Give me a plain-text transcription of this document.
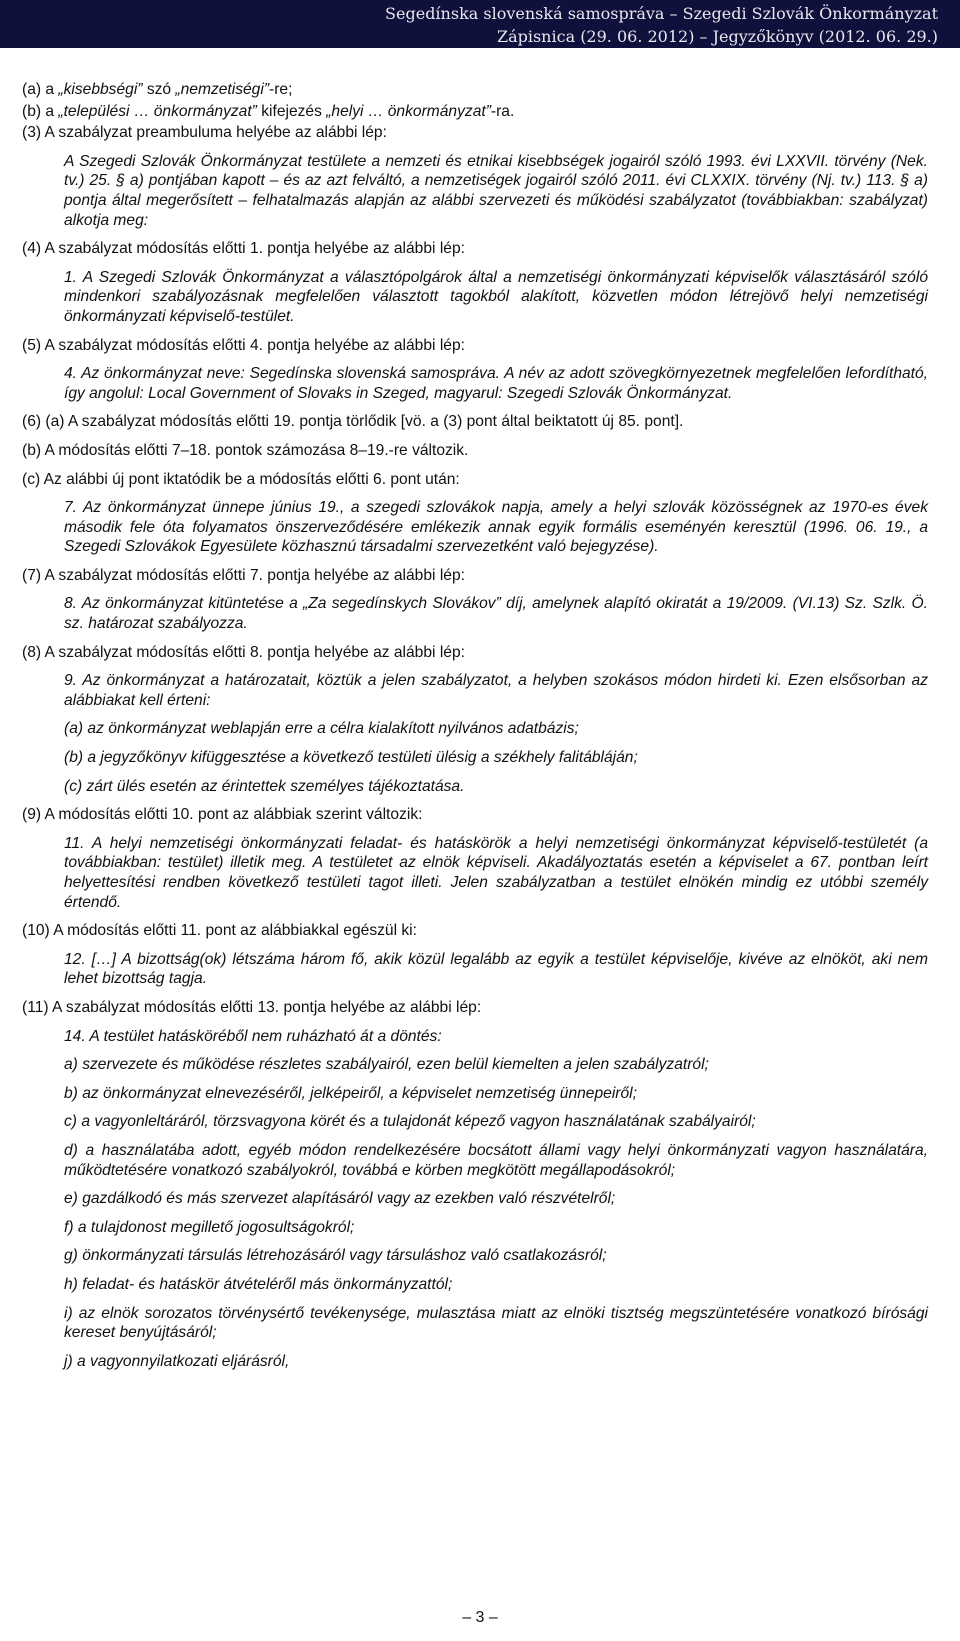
Segedínska slovenská samospráva – Szegedi Szlovák Önkormányzat
Zápisnica (29. 06. 2012) – Jegyzőkönyv (2012. 06. 29.)
(a) a „kisebbségi” szó „nemzetiségi”-re;
(b) a „települési … önkormányzat” kifejezés „helyi … önkormányzat”-ra.
(3) A szabályzat preambuluma helyébe az alábbi lép:
A Szegedi Szlovák Önkormányzat testülete a nemzeti és etnikai kisebbségek jogairól szóló 1993. évi LXXVII. törvény (Nek. tv.) 25. § a) pontjában kapott – és az azt felváltó, a nemzetiségek jogairól szóló 2011. évi CLXXIX. törvény (Nj. tv.) 113. § a) pontja által megerősített – felhatalmazás alapján az alábbi szervezeti és működési szabályzatot (továbbiakban: szabályzat) alkotja meg:
(4) A szabályzat módosítás előtti 1. pontja helyébe az alábbi lép:
1. A Szegedi Szlovák Önkormányzat a választópolgárok által a nemzetiségi önkormányzati képviselők választásáról szóló mindenkori szabályozásnak megfelelően választott tagokból alakított, közvetlen módon létrejövő helyi nemzetiségi önkormányzati képviselő-testület.
(5) A szabályzat módosítás előtti 4. pontja helyébe az alábbi lép:
4. Az önkormányzat neve: Segedínska slovenská samospráva. A név az adott szövegkörnyezetnek megfelelően lefordítható, így angolul: Local Government of Slovaks in Szeged, magyarul: Szegedi Szlovák Önkormányzat.
(6) (a) A szabályzat módosítás előtti 19. pontja törlődik [vö. a (3) pont által beiktatott új 85. pont].
(b) A módosítás előtti 7–18. pontok számozása 8–19.-re változik.
(c) Az alábbi új pont iktatódik be a módosítás előtti 6. pont után:
7. Az önkormányzat ünnepe június 19., a szegedi szlovákok napja, amely a helyi szlovák közösségnek az 1970-es évek második fele óta folyamatos önszerveződésére emlékezik annak egyik formális eseményén keresztül (1996. 06. 19., a Szegedi Szlovákok Egyesülete közhasznú társadalmi szervezetként való bejegyzése).
(7) A szabályzat módosítás előtti 7. pontja helyébe az alábbi lép:
8. Az önkormányzat kitüntetése a „Za segedínskych Slovákov” díj, amelynek alapító okiratát a 19/2009. (VI.13) Sz. Szlk. Ö. sz. határozat szabályozza.
(8) A szabályzat módosítás előtti 8. pontja helyébe az alábbi lép:
9. Az önkormányzat a határozatait, köztük a jelen szabályzatot, a helyben szokásos módon hirdeti ki. Ezen elsősorban az alábbiakat kell érteni:
(a) az önkormányzat weblapján erre a célra kialakított nyilvános adatbázis;
(b) a jegyzőkönyv kifüggesztése a következő testületi ülésig a székhely falitábláján;
(c) zárt ülés esetén az érintettek személyes tájékoztatása.
(9) A módosítás előtti 10. pont az alábbiak szerint változik:
11. A helyi nemzetiségi önkormányzati feladat- és hatáskörök a helyi nemzetiségi önkormányzat képviselő-testületét (a továbbiakban: testület) illetik meg. A testületet az elnök képviseli. Akadályoztatás esetén a képviselet a 67. pontban leírt helyettesítési rendben következő testületi tagot illeti. Jelen szabályzatban a testület elnökén mindig ez utóbbi személy értendő.
(10) A módosítás előtti 11. pont az alábbiakkal egészül ki:
12. […] A bizottság(ok) létszáma három fő, akik közül legalább az egyik a testület képviselője, kivéve az elnököt, aki nem lehet bizottság tagja.
(11) A szabályzat módosítás előtti 13. pontja helyébe az alábbi lép:
14. A testület hatásköréből nem ruházható át a döntés:
a) szervezete és működése részletes szabályairól, ezen belül kiemelten a jelen szabályzatról;
b) az önkormányzat elnevezéséről, jelképeiről, a képviselet nemzetiség ünnepeiről;
c) a vagyonleltáráról, törzsvagyona körét és a tulajdonát képező vagyon használatának szabályairól;
d) a használatába adott, egyéb módon rendelkezésére bocsátott állami vagy helyi önkormányzati vagyon használatára, működtetésére vonatkozó szabályokról, továbbá e körben megkötött megállapodásokról;
e) gazdálkodó és más szervezet alapításáról vagy az ezekben való részvételről;
f) a tulajdonost megillető jogosultságokról;
g) önkormányzati társulás létrehozásáról vagy társuláshoz való csatlakozásról;
h) feladat- és hatáskör átvételéről más önkormányzattól;
i) az elnök sorozatos törvénysértő tevékenysége, mulasztása miatt az elnöki tisztség megszüntetésére vonatkozó bírósági kereset benyújtásáról;
j) a vagyonnyilatkozati eljárásról,
– 3 –
